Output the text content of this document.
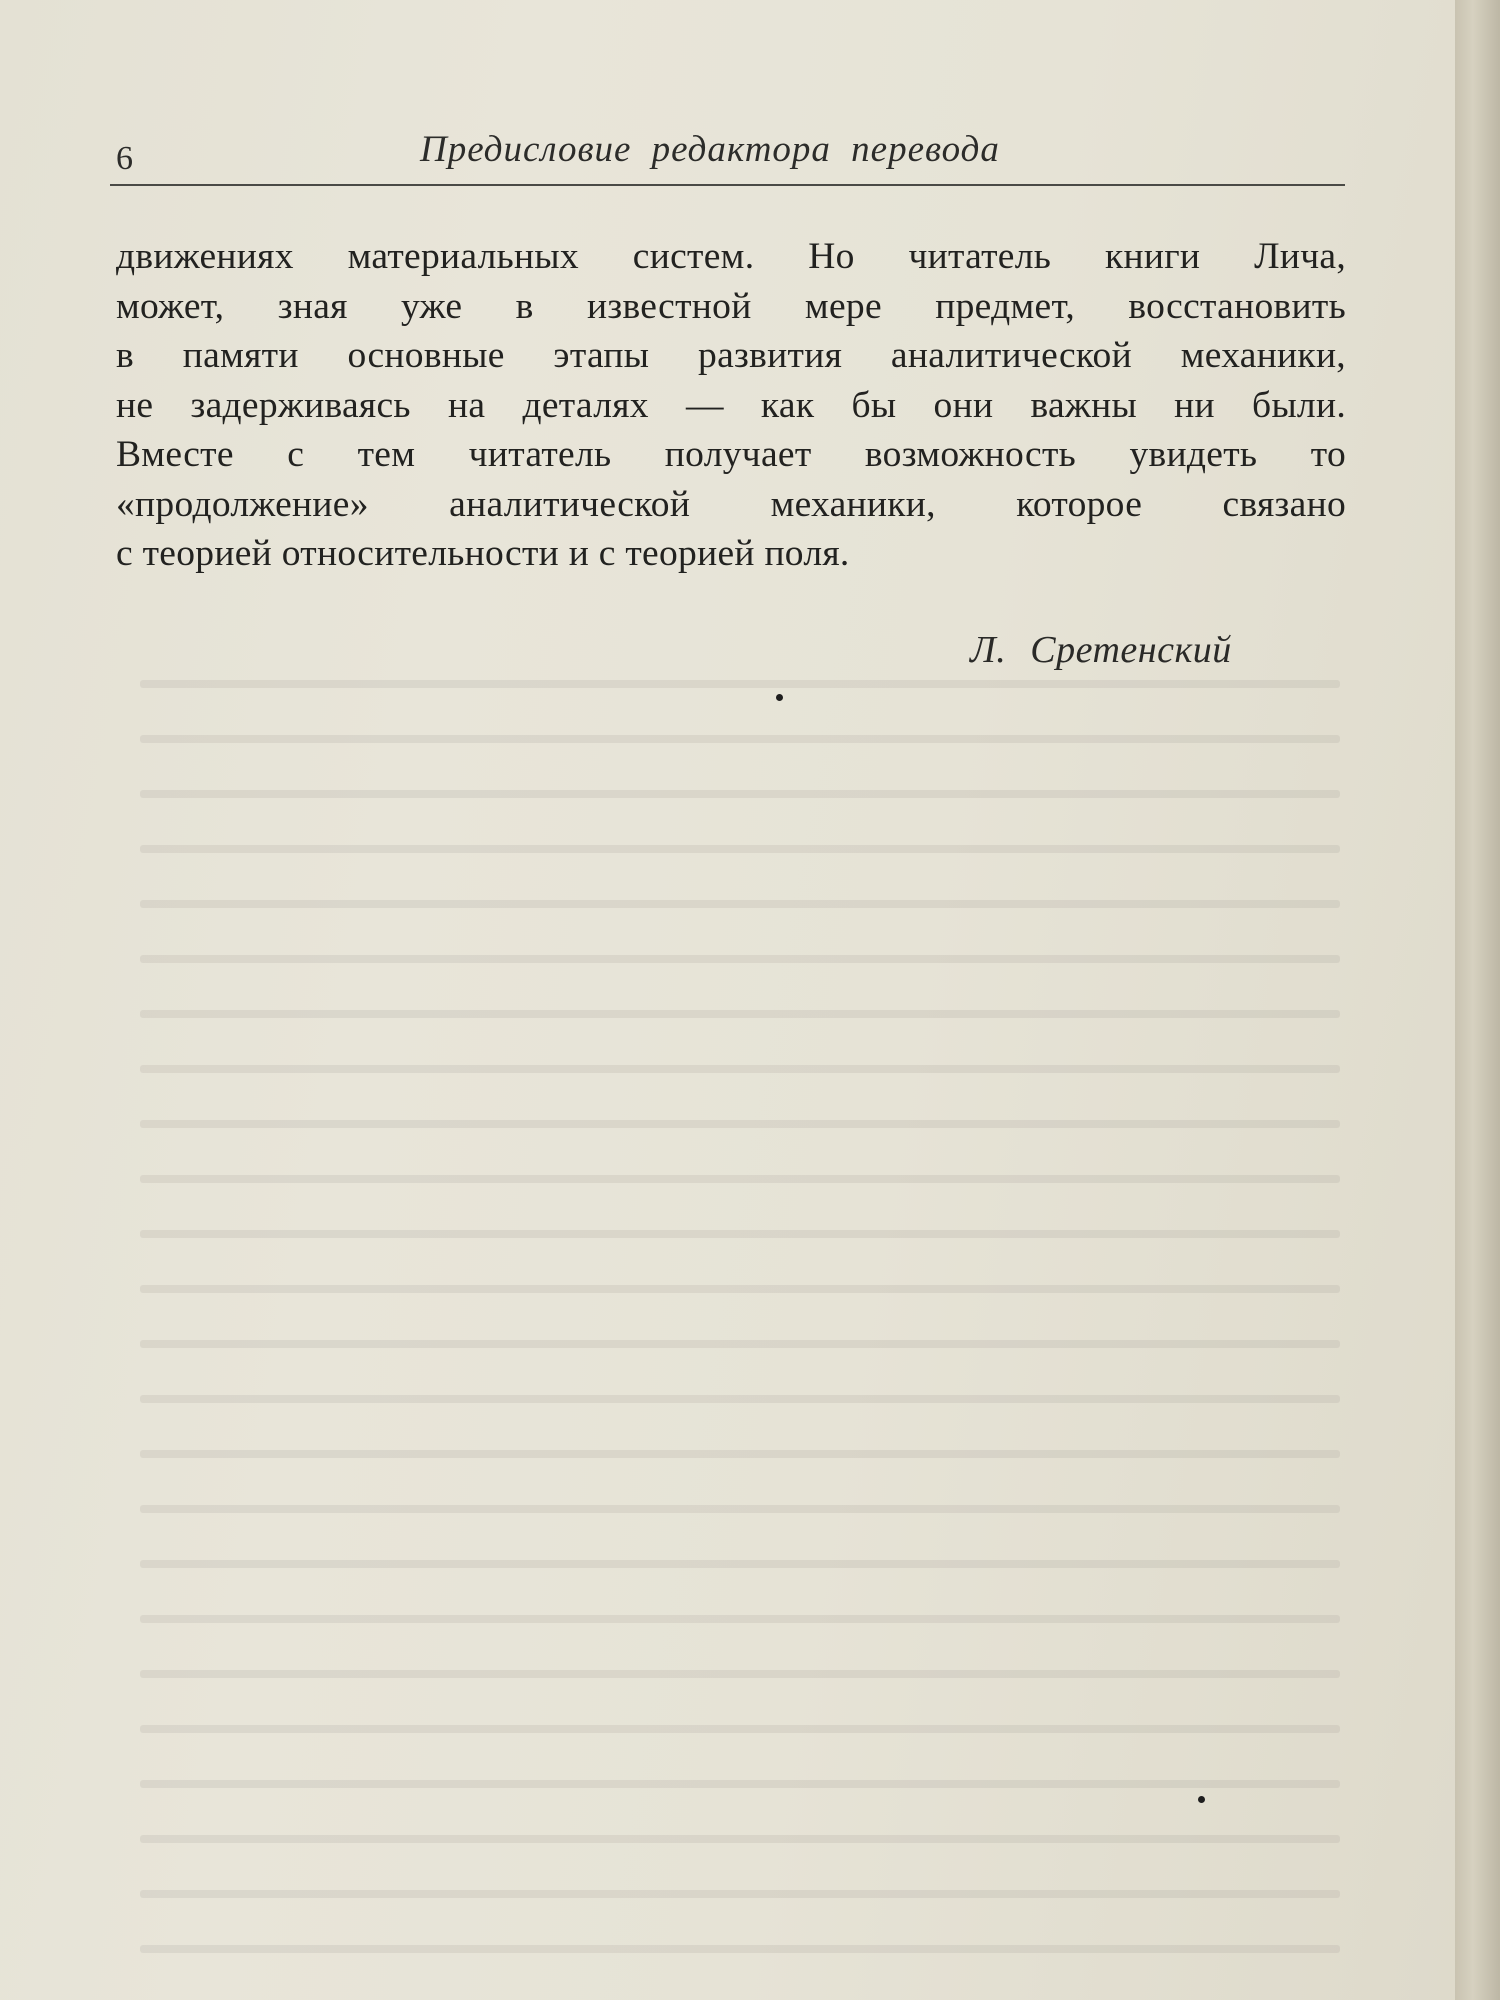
6	Предисловие редактора перевода

движениях материальных систем. Но читатель книги Лича,
может, зная уже в известной мере предмет, восстановить
в памяти основные этапы развития аналитической механики,
не задерживаясь на деталях — как бы они важны ни были.
Вместе с тем читатель получает возможность увидеть то
«продолжение» аналитической механики, которое связано
с теорией относительности и с теорией поля.

Л. Сретенский
